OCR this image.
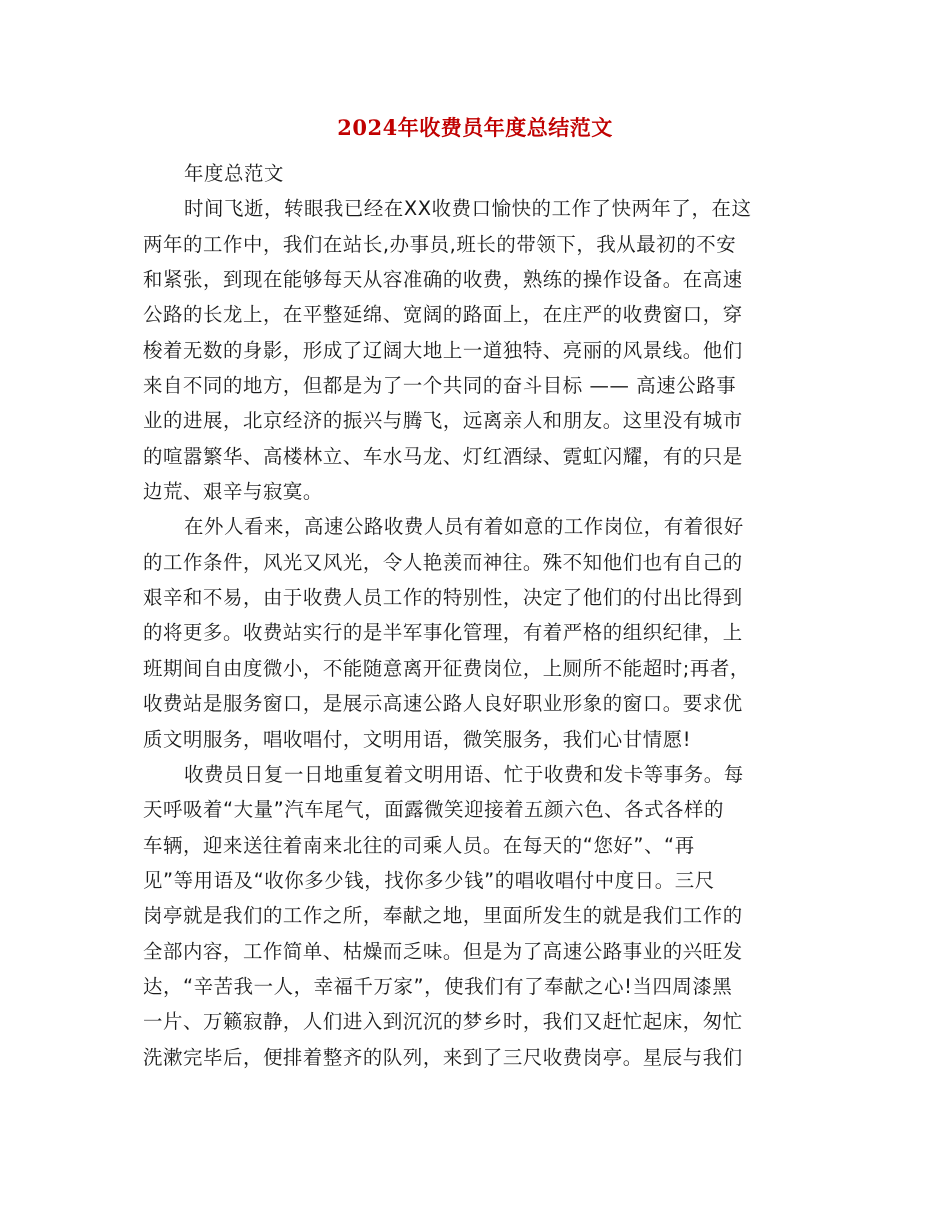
2024年收费员年度总结范文
年度总范文
时间飞逝，转眼我已经在XX收费口愉快的工作了快两年了，在这
两年的工作中，我们在站长,办事员,班长的带领下，我从最初的不安
和紧张，到现在能够每天从容准确的收费，熟练的操作设备。在高速
公路的长龙上，在平整延绵、宽阔的路面上，在庄严的收费窗口，穿
梭着无数的身影，形成了辽阔大地上一道独特、亮丽的风景线。他们
来自不同的地方，但都是为了一个共同的奋斗目标 —— 高速公路事
业的进展，北京经济的振兴与腾飞，远离亲人和朋友。这里没有城市
的喧嚣繁华、高楼林立、车水马龙、灯红酒绿、霓虹闪耀，有的只是
边荒、艰辛与寂寞。
在外人看来，高速公路收费人员有着如意的工作岗位，有着很好
的工作条件，风光又风光，令人艳羡而神往。殊不知他们也有自己的
艰辛和不易，由于收费人员工作的特别性，决定了他们的付出比得到
的将更多。收费站实行的是半军事化管理，有着严格的组织纪律，上
班期间自由度微小，不能随意离开征费岗位，上厕所不能超时;再者，
收费站是服务窗口，是展示高速公路人良好职业形象的窗口。要求优
质文明服务，唱收唱付，文明用语，微笑服务，我们心甘情愿!
收费员日复一日地重复着文明用语、忙于收费和发卡等事务。每
天呼吸着“大量”汽车尾气，面露微笑迎接着五颜六色、各式各样的
车辆，迎来送往着南来北往的司乘人员。在每天的“您好”、“再
见”等用语及“收你多少钱，找你多少钱”的唱收唱付中度日。三尺
岗亭就是我们的工作之所，奉献之地，里面所发生的就是我们工作的
全部内容，工作简单、枯燥而乏味。但是为了高速公路事业的兴旺发
达，“辛苦我一人，幸福千万家”，使我们有了奉献之心!当四周漆黑
一片、万籁寂静，人们进入到沉沉的梦乡时，我们又赶忙起床，匆忙
洗漱完毕后，便排着整齐的队列，来到了三尺收费岗亭。星辰与我们
